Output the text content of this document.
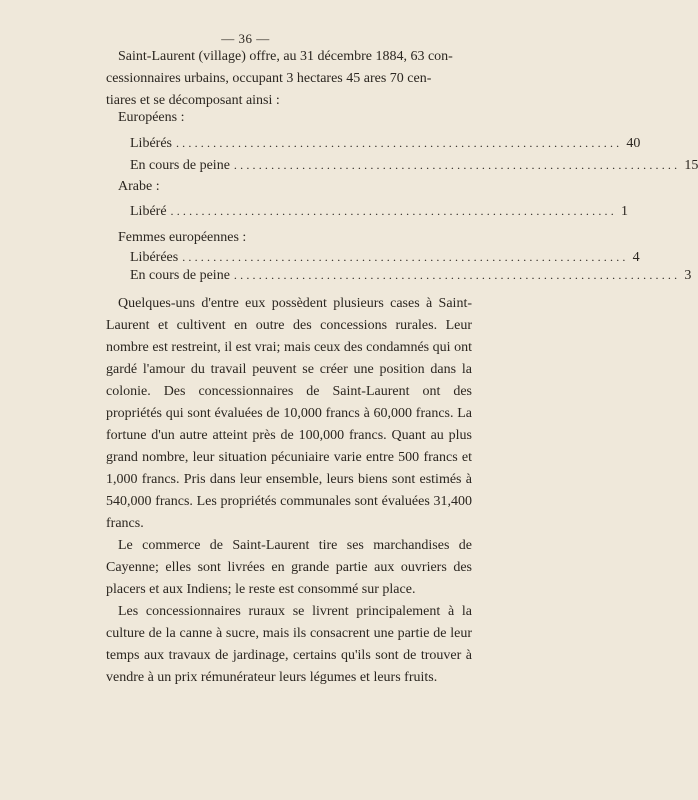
— 36 —
Saint-Laurent (village) offre, au 31 décembre 1884, 63 con-
cessionnaires urbains, occupant 3 hectares 45 ares 70 cen-
tiares et se décomposant ainsi :
Européens :
Libérés ........................................................................ 40
En cours de peine ........................................................................ 15
Arabe :
Libéré ........................................................................ 1
Femmes européennes :
Libérées ........................................................................ 4
En cours de peine ........................................................................ 3

Quelques-uns d'entre eux possèdent plusieurs cases à Saint-Laurent et cultivent en outre des concessions rurales. Leur nombre est restreint, il est vrai; mais ceux des condamnés qui ont gardé l'amour du travail peuvent se créer une position dans la colonie. Des concessionnaires de Saint-Laurent ont des propriétés qui sont évaluées de 10,000 francs à 60,000 francs. La fortune d'un autre atteint près de 100,000 francs. Quant au plus grand nombre, leur situation pécuniaire varie entre 500 francs et 1,000 francs. Pris dans leur ensemble, leurs biens sont estimés à 540,000 francs. Les propriétés communales sont évaluées 31,400 francs.

Le commerce de Saint-Laurent tire ses marchandises de Cayenne; elles sont livrées en grande partie aux ouvriers des placers et aux Indiens; le reste est consommé sur place.

Les concessionnaires ruraux se livrent principalement à la culture de la canne à sucre, mais ils consacrent une partie de leur temps aux travaux de jardinage, certains qu'ils sont de trouver à vendre à un prix rémunérateur leurs légumes et leurs fruits.
